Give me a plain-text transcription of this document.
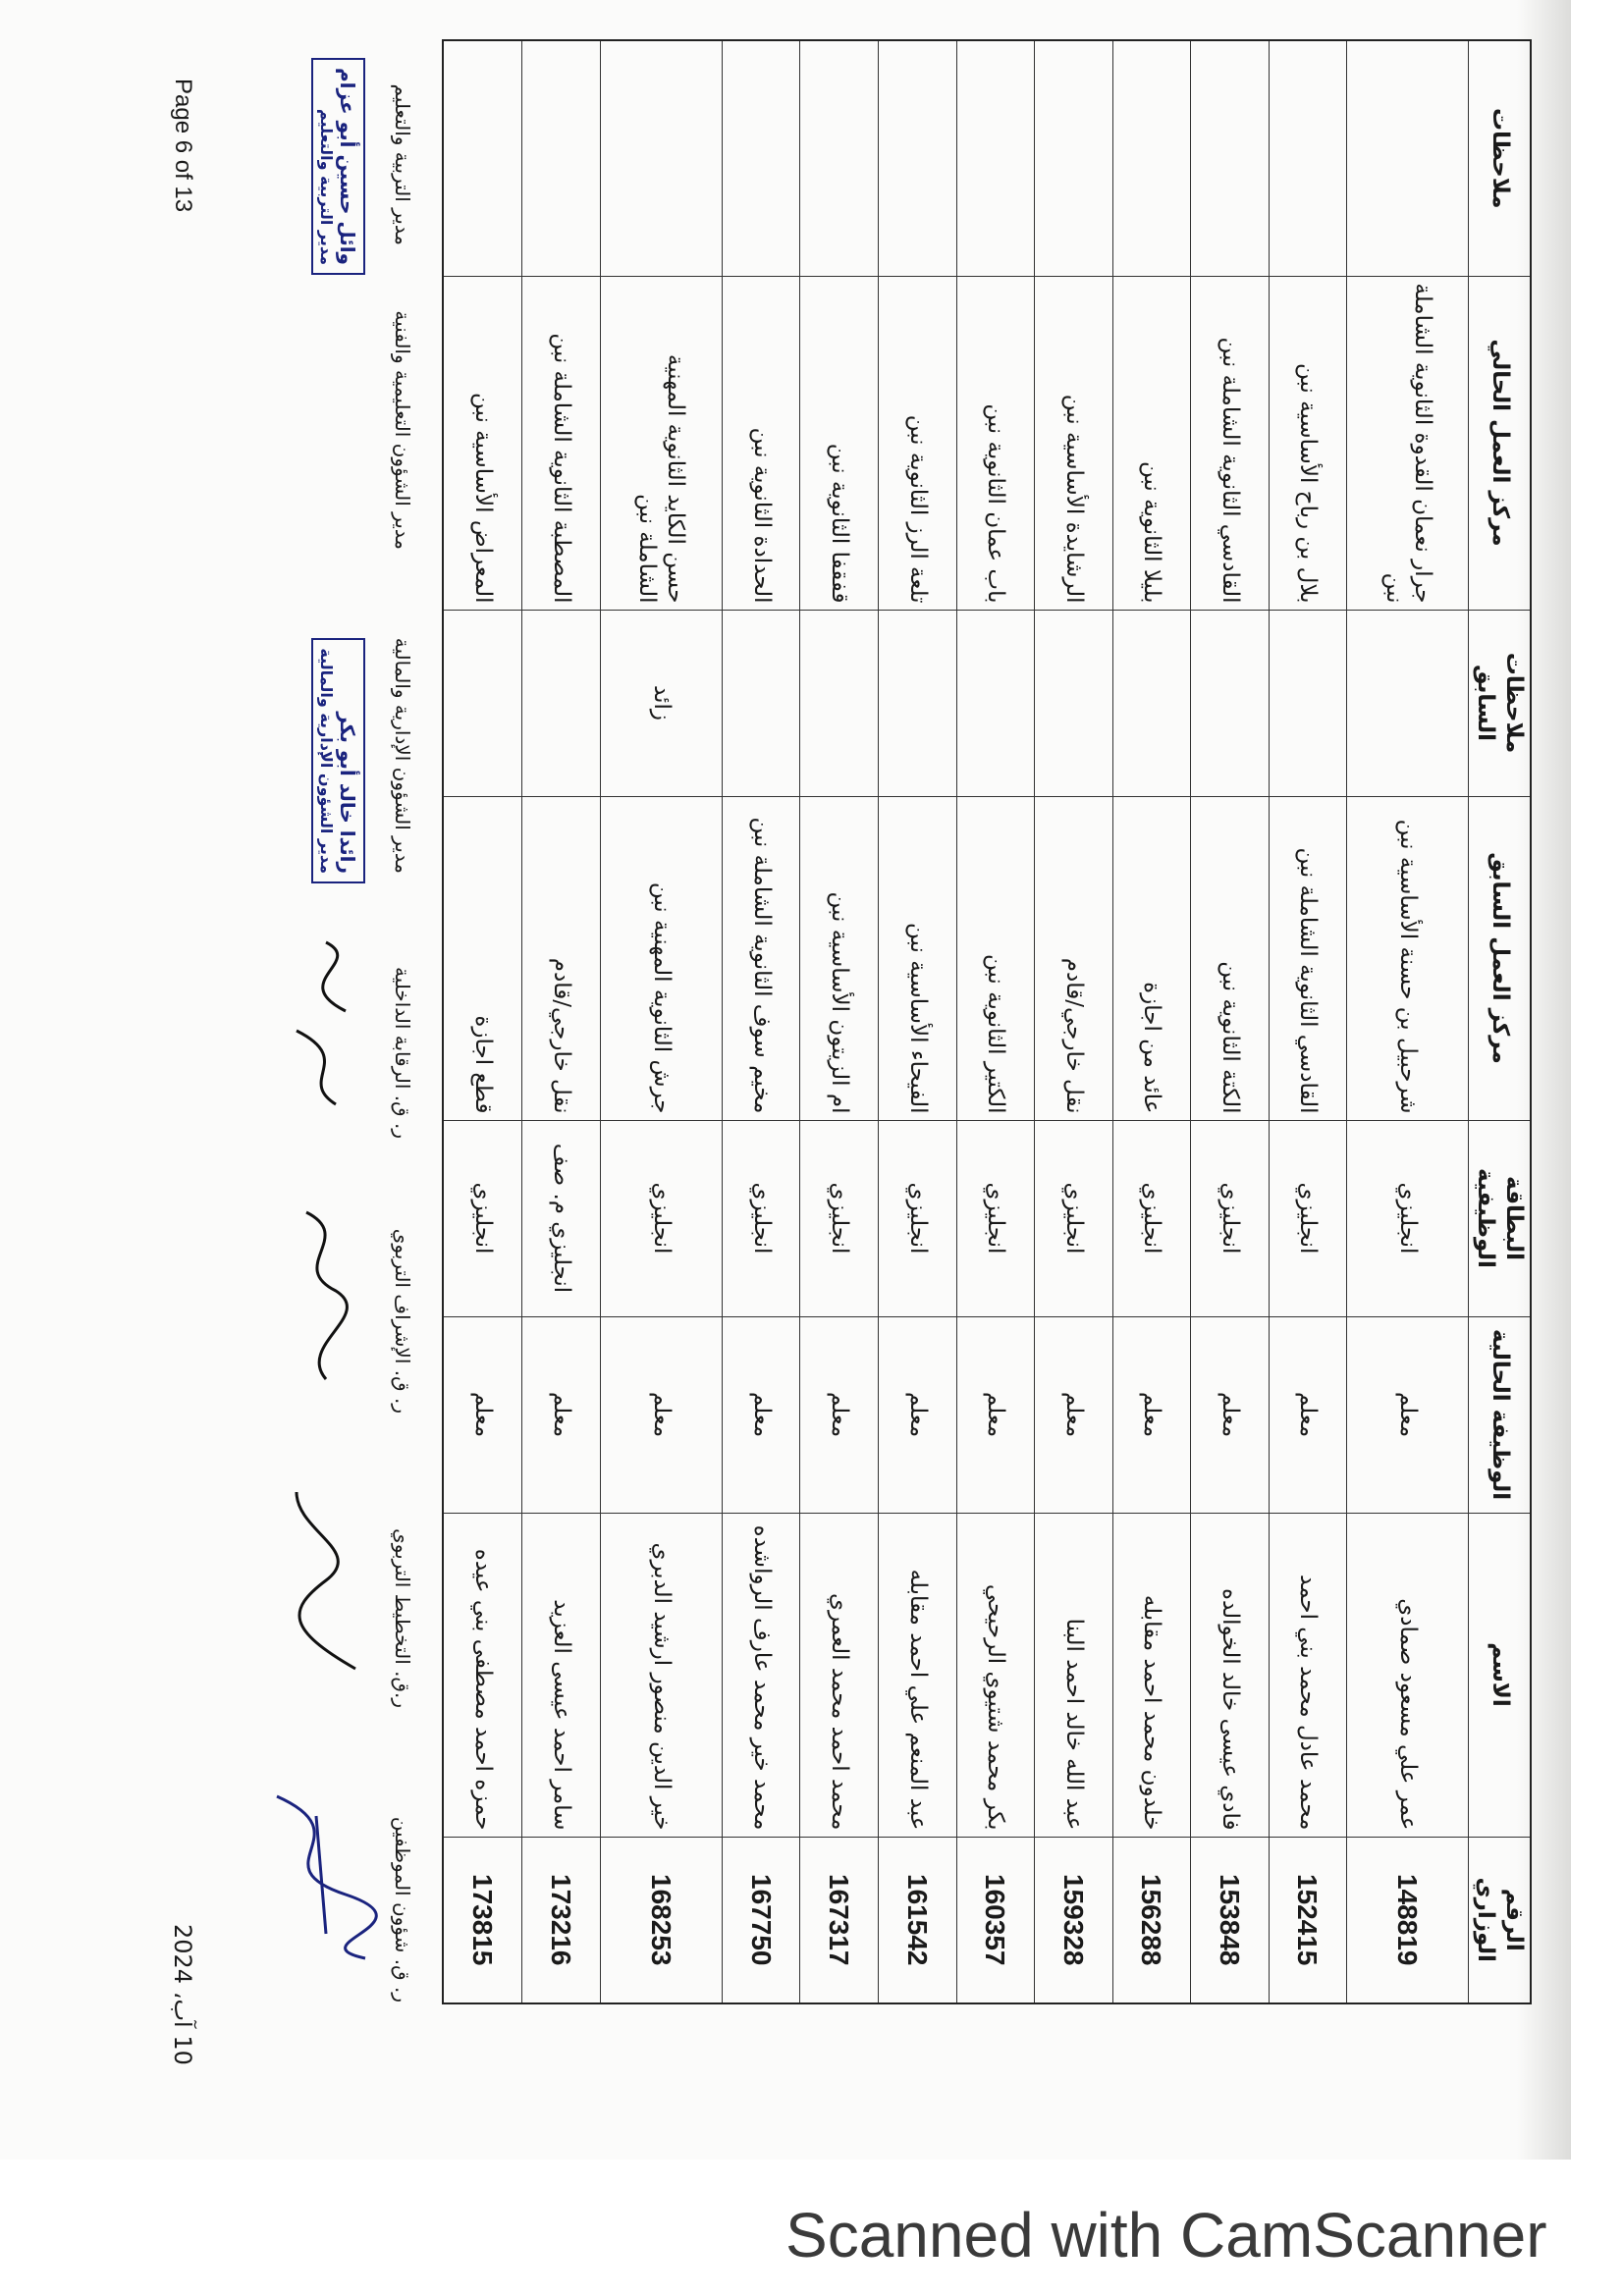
الرقم الوزاري	الاسم	الوظيفة الحالية	البطاقة الوظيفية	مركز العمل السابق	ملاحظات السابق	مركز العمل الحالي	ملاحظات
148819	عمر علي مسعود صمادي	معلم	انجليزي	شرحبيل بن حسنة الأساسية نبن		جرار نعمان القدوة الثانوية الشاملة نبن	
152415	محمد عادل محمد بني احمد	معلم	انجليزي	القادسي الثانوية الشاملة نبن		بلال بن رباح الأساسية نبن	
153848	فادي عيسى خالد الخوالده	معلم	انجليزي	الكتة الثانوية نبن		القادسي الثانوية الشاملة نبن	
156288	خلدون محمد احمد مقابله	معلم	انجليزي	عائد من اجازة		بليلا الثانوية نبن	
159328	عبد الله خالد احمد البنا	معلم	انجليزي	نقل خارجي/قادم		الرشايدة الأساسية نبن	
160357	بكر محمد شتيوي الرحيحي	معلم	انجليزي	الكتير الثانوية نبن		باب عمان الثانوية نبن	
161542	عبد المنعم علي احمد مقابله	معلم	انجليزي	الفيحاء الأساسية نبن		تلعة الرز الثانوية نبن	
167317	محمد احمد محمد العمري	معلم	انجليزي	ام الزيتون الأساسية نبن		قفقفا الثانوية نبن	
167750	محمد خير محمد عارف الرواشده	معلم	انجليزي	مخيم سوف الثانوية الشاملة نبن		الحدادة الثانوية نبن	
168253	خير الدين منصور ارشيد الدبري	معلم	انجليزي	جرش الثانوية المهنية نبن	زائد	حسن الكايد الثانوية المهنية الشاملة نبن	
173216	سامر احمد عيسى العزيد	معلم	انجليزي م. صف	نقل خارجي/قادم		المصطبة الثانوية الشاملة نبن	
173815	حمزه احمد مصطفى بني عيده	معلم	انجليزي	قطع اجازة		المعراض الأساسية نبن	
ر. ق. شؤون الموظفين
ر.ق. التخطيط التربوي
ر. ق. الإشراف التربوي
ر. ق. الرقابة الداخلية
مدير الشؤون الإدارية والمالية
مدير الشؤون التعليمية والفنية
مدير التربية والتعليم
رائدا خالد أبو بكر
مدير الشؤون الإدارية والمالية
وائل حسين أبو عزام
مدير التربية والتعليم
Page 6 of 13
10 آب، 2024
Scanned with CamScanner
